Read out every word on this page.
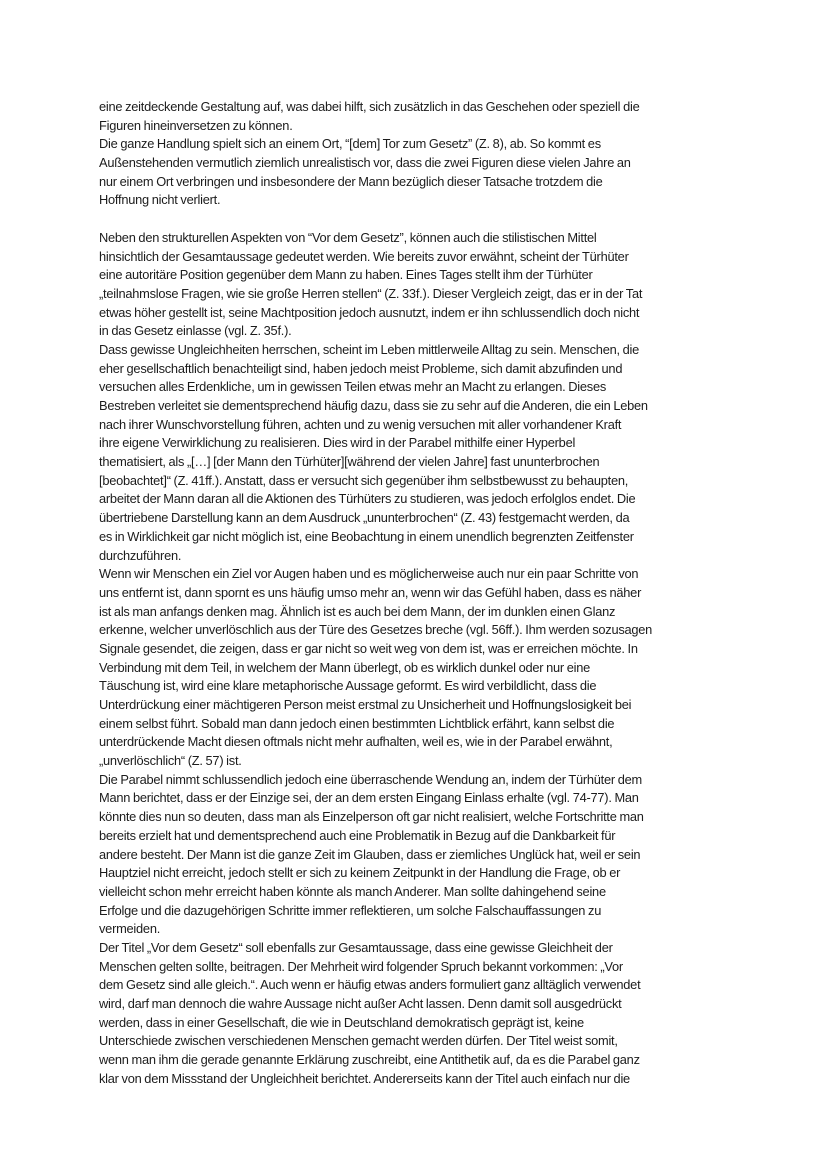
eine zeitdeckende Gestaltung auf, was dabei hilft, sich zusätzlich in das Geschehen oder speziell die
Figuren hineinversetzen zu können.
Die ganze Handlung spielt sich an einem Ort, “[dem] Tor zum Gesetz” (Z. 8), ab. So kommt es
Außenstehenden vermutlich ziemlich unrealistisch vor, dass die zwei Figuren diese vielen Jahre an
nur einem Ort verbringen und insbesondere der Mann bezüglich dieser Tatsache trotzdem die
Hoffnung nicht verliert.
Neben den strukturellen Aspekten von “Vor dem Gesetz”, können auch die stilistischen Mittel
hinsichtlich der Gesamtaussage gedeutet werden. Wie bereits zuvor erwähnt, scheint der Türhüter
eine autoritäre Position gegenüber dem Mann zu haben. Eines Tages stellt ihm der Türhüter
„teilnahmslose Fragen, wie sie große Herren stellen“ (Z. 33f.). Dieser Vergleich zeigt, das er in der Tat
etwas höher gestellt ist, seine Machtposition jedoch ausnutzt, indem er ihn schlussendlich doch nicht
in das Gesetz einlasse (vgl. Z. 35f.).
Dass gewisse Ungleichheiten herrschen, scheint im Leben mittlerweile Alltag zu sein. Menschen, die
eher gesellschaftlich benachteiligt sind, haben jedoch meist Probleme, sich damit abzufinden und
versuchen alles Erdenkliche, um in gewissen Teilen etwas mehr an Macht zu erlangen. Dieses
Bestreben verleitet sie dementsprechend häufig dazu, dass sie zu sehr auf die Anderen, die ein Leben
nach ihrer Wunschvorstellung führen, achten und zu wenig versuchen mit aller vorhandener Kraft
ihre eigene Verwirklichung zu realisieren. Dies wird in der Parabel mithilfe einer Hyperbel
thematisiert, als „[…] [der Mann den Türhüter][während der vielen Jahre] fast ununterbrochen
[beobachtet]“ (Z. 41ff.). Anstatt, dass er versucht sich gegenüber ihm selbstbewusst zu behaupten,
arbeitet der Mann daran all die Aktionen des Türhüters zu studieren, was jedoch erfolglos endet. Die
übertriebene Darstellung kann an dem Ausdruck „ununterbrochen“ (Z. 43) festgemacht werden, da
es in Wirklichkeit gar nicht möglich ist, eine Beobachtung in einem unendlich begrenzten Zeitfenster
durchzuführen.
Wenn wir Menschen ein Ziel vor Augen haben und es möglicherweise auch nur ein paar Schritte von
uns entfernt ist, dann spornt es uns häufig umso mehr an, wenn wir das Gefühl haben, dass es näher
ist als man anfangs denken mag. Ähnlich ist es auch bei dem Mann, der im dunklen einen Glanz
erkenne, welcher unverlöschlich aus der Türe des Gesetzes breche (vgl. 56ff.). Ihm werden sozusagen
Signale gesendet, die zeigen, dass er gar nicht so weit weg von dem ist, was er erreichen möchte. In
Verbindung mit dem Teil, in welchem der Mann überlegt, ob es wirklich dunkel oder nur eine
Täuschung ist, wird eine klare metaphorische Aussage geformt. Es wird verbildlicht, dass die
Unterdrückung einer mächtigeren Person meist erstmal zu Unsicherheit und Hoffnungslosigkeit bei
einem selbst führt. Sobald man dann jedoch einen bestimmten Lichtblick erfährt, kann selbst die
unterdrückende Macht diesen oftmals nicht mehr aufhalten, weil es, wie in der Parabel erwähnt,
„unverlöschlich“ (Z. 57) ist.
Die Parabel nimmt schlussendlich jedoch eine überraschende Wendung an, indem der Türhüter dem
Mann berichtet, dass er der Einzige sei, der an dem ersten Eingang Einlass erhalte (vgl. 74-77). Man
könnte dies nun so deuten, dass man als Einzelperson oft gar nicht realisiert, welche Fortschritte man
bereits erzielt hat und dementsprechend auch eine Problematik in Bezug auf die Dankbarkeit für
andere besteht. Der Mann ist die ganze Zeit im Glauben, dass er ziemliches Unglück hat, weil er sein
Hauptziel nicht erreicht, jedoch stellt er sich zu keinem Zeitpunkt in der Handlung die Frage, ob er
vielleicht schon mehr erreicht haben könnte als manch Anderer. Man sollte dahingehend seine
Erfolge und die dazugehörigen Schritte immer reflektieren, um solche Falschauffassungen zu
vermeiden.
Der Titel „Vor dem Gesetz“ soll ebenfalls zur Gesamtaussage, dass eine gewisse Gleichheit der
Menschen gelten sollte, beitragen. Der Mehrheit wird folgender Spruch bekannt vorkommen: „Vor
dem Gesetz sind alle gleich.“. Auch wenn er häufig etwas anders formuliert ganz alltäglich verwendet
wird, darf man dennoch die wahre Aussage nicht außer Acht lassen. Denn damit soll ausgedrückt
werden, dass in einer Gesellschaft, die wie in Deutschland demokratisch geprägt ist, keine
Unterschiede zwischen verschiedenen Menschen gemacht werden dürfen. Der Titel weist somit,
wenn man ihm die gerade genannte Erklärung zuschreibt, eine Antithetik auf, da es die Parabel ganz
klar von dem Missstand der Ungleichheit berichtet. Andererseits kann der Titel auch einfach nur die
